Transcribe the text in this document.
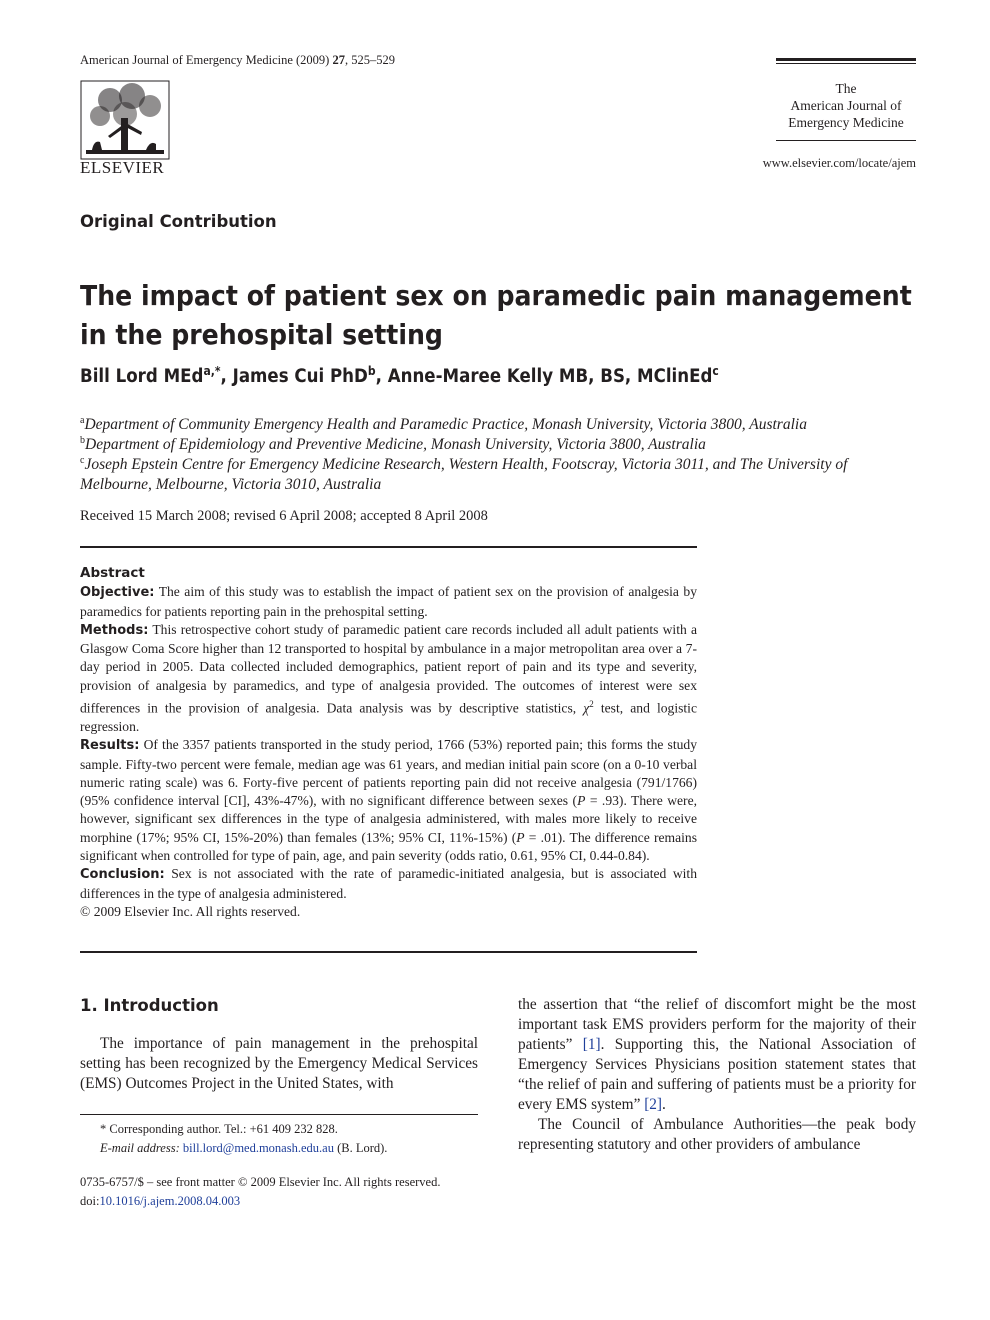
American Journal of Emergency Medicine (2009) 27, 525–529
ELSEVIER
The
American Journal of
Emergency Medicine
www.elsevier.com/locate/ajem
Original Contribution
The impact of patient sex on paramedic pain management
in the prehospital setting
Bill Lord MEd$^{a,*}$, James Cui PhD$^b$, Anne-Maree Kelly MB, BS, MClinEd$^c$
$^a$Department of Community Emergency Health and Paramedic Practice, Monash University, Victoria 3800, Australia
$^b$Department of Epidemiology and Preventive Medicine, Monash University, Victoria 3800, Australia
$^c$Joseph Epstein Centre for Emergency Medicine Research, Western Health, Footscray, Victoria 3011, and The University of Melbourne, Melbourne, Victoria 3010, Australia
Received 15 March 2008; revised 6 April 2008; accepted 8 April 2008
Abstract

Objective: The aim of this study was to establish the impact of patient sex on the provision of analgesia by paramedics for patients reporting pain in the prehospital setting.

Methods: This retrospective cohort study of paramedic patient care records included all adult patients with a Glasgow Coma Score higher than 12 transported to hospital by ambulance in a major metropolitan area over a 7-day period in 2005. Data collected included demographics, patient report of pain and its type and severity, provision of analgesia by paramedics, and type of analgesia provided. The outcomes of interest were sex differences in the provision of analgesia. Data analysis was by descriptive statistics, $\chi^2$ test, and logistic regression.

Results: Of the 3357 patients transported in the study period, 1766 (53%) reported pain; this forms the study sample. Fifty-two percent were female, median age was 61 years, and median initial pain score (on a 0-10 verbal numeric rating scale) was 6. Forty-five percent of patients reporting pain did not receive analgesia (791/1766) (95% confidence interval [CI], 43%-47%), with no significant difference between sexes (P = .93). There were, however, significant sex differences in the type of analgesia administered, with males more likely to receive morphine (17%; 95% CI, 15%-20%) than females (13%; 95% CI, 11%-15%) (P = .01). The difference remains significant when controlled for type of pain, age, and pain severity (odds ratio, 0.61, 95% CI, 0.44-0.84).

Conclusion: Sex is not associated with the rate of paramedic-initiated analgesia, but is associated with differences in the type of analgesia administered.

© 2009 Elsevier Inc. All rights reserved.

1. Introduction

The importance of pain management in the prehospital setting has been recognized by the Emergency Medical Services (EMS) Outcomes Project in the United States, with

the assertion that “the relief of discomfort might be the most important task EMS providers perform for the majority of their patients” [1]. Supporting this, the National Association of Emergency Services Physicians position statement states that “the relief of pain and suffering of patients must be a priority for every EMS system” [2].

The Council of Ambulance Authorities—the peak body representing statutory and other providers of ambulance

* Corresponding author. Tel.: +61 409 232 828.
E-mail address: bill.lord@med.monash.edu.au (B. Lord).
0735-6757/$ – see front matter © 2009 Elsevier Inc. All rights reserved.
doi:10.1016/j.ajem.2008.04.003
